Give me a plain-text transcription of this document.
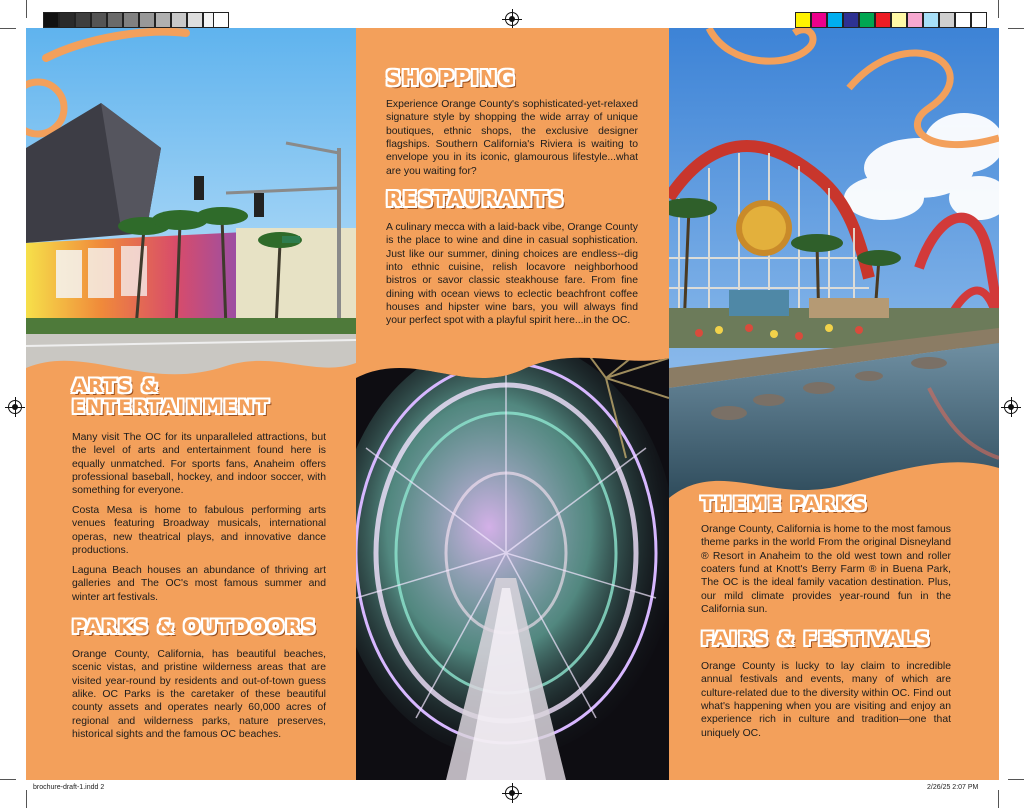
ARTS &
ENTERTAINMENT

Many visit The OC for its unparalleled attractions, but the level of arts and entertainment found here is equally unmatched. For sports fans, Anaheim offers professional baseball, hockey, and indoor soccer, with something for everyone.

Costa Mesa is home to fabulous performing arts venues featuring Broadway musicals, international operas, new theatrical plays, and innovative dance productions.

Laguna Beach houses an abundance of thriving art galleries and The OC's most famous summer and winter art festivals.

PARKS & OUTDOORS

Orange County, California, has beautiful beaches, scenic vistas, and pristine wilderness areas that are visited year-round by residents and out-of-town guess alike. OC Parks is the caretaker of these beautiful county assets and operates nearly 60,000 acres of regional and wilderness parks, nature preserves, historical sights and the famous OC beaches.

SHOPPING

Experience Orange County's sophisticated-yet-relaxed signature style by shopping the wide array of unique boutiques, ethnic shops, the exclusive designer flagships. Southern California's Riviera is waiting to envelope you in its iconic, glamourous lifestyle...what are you waiting for?

RESTAURANTS

A culinary mecca with a laid-back vibe, Orange County is the place to wine and dine in casual sophistication. Just like our summer, dining choices are endless--dig into ethnic cuisine, relish locavore neighborhood bistros or savor classic steakhouse fare. From fine dining with ocean views to eclectic beachfront coffee houses and hipster wine bars, you will always find your perfect spot with a playful spirit here...in the OC.

THEME PARKS

Orange County, California is home to the most famous theme parks in the world From the original Disneyland ® Resort in Anaheim to the old west town and roller coaters fund at Knott's Berry Farm ® in Buena Park, The OC is the ideal family vacation destination. Plus, our mild climate provides year-round fun in the California sun.

FAIRS & FESTIVALS

Orange County is lucky to lay claim to incredible annual festivals and events, many of which are culture-related due to the diversity within OC. Find out what's happening when you are visiting and enjoy an experience rich in culture and tradition—one that uniquely OC.

brochure-draft-1.indd 2	2/26/25 2:07 PM
